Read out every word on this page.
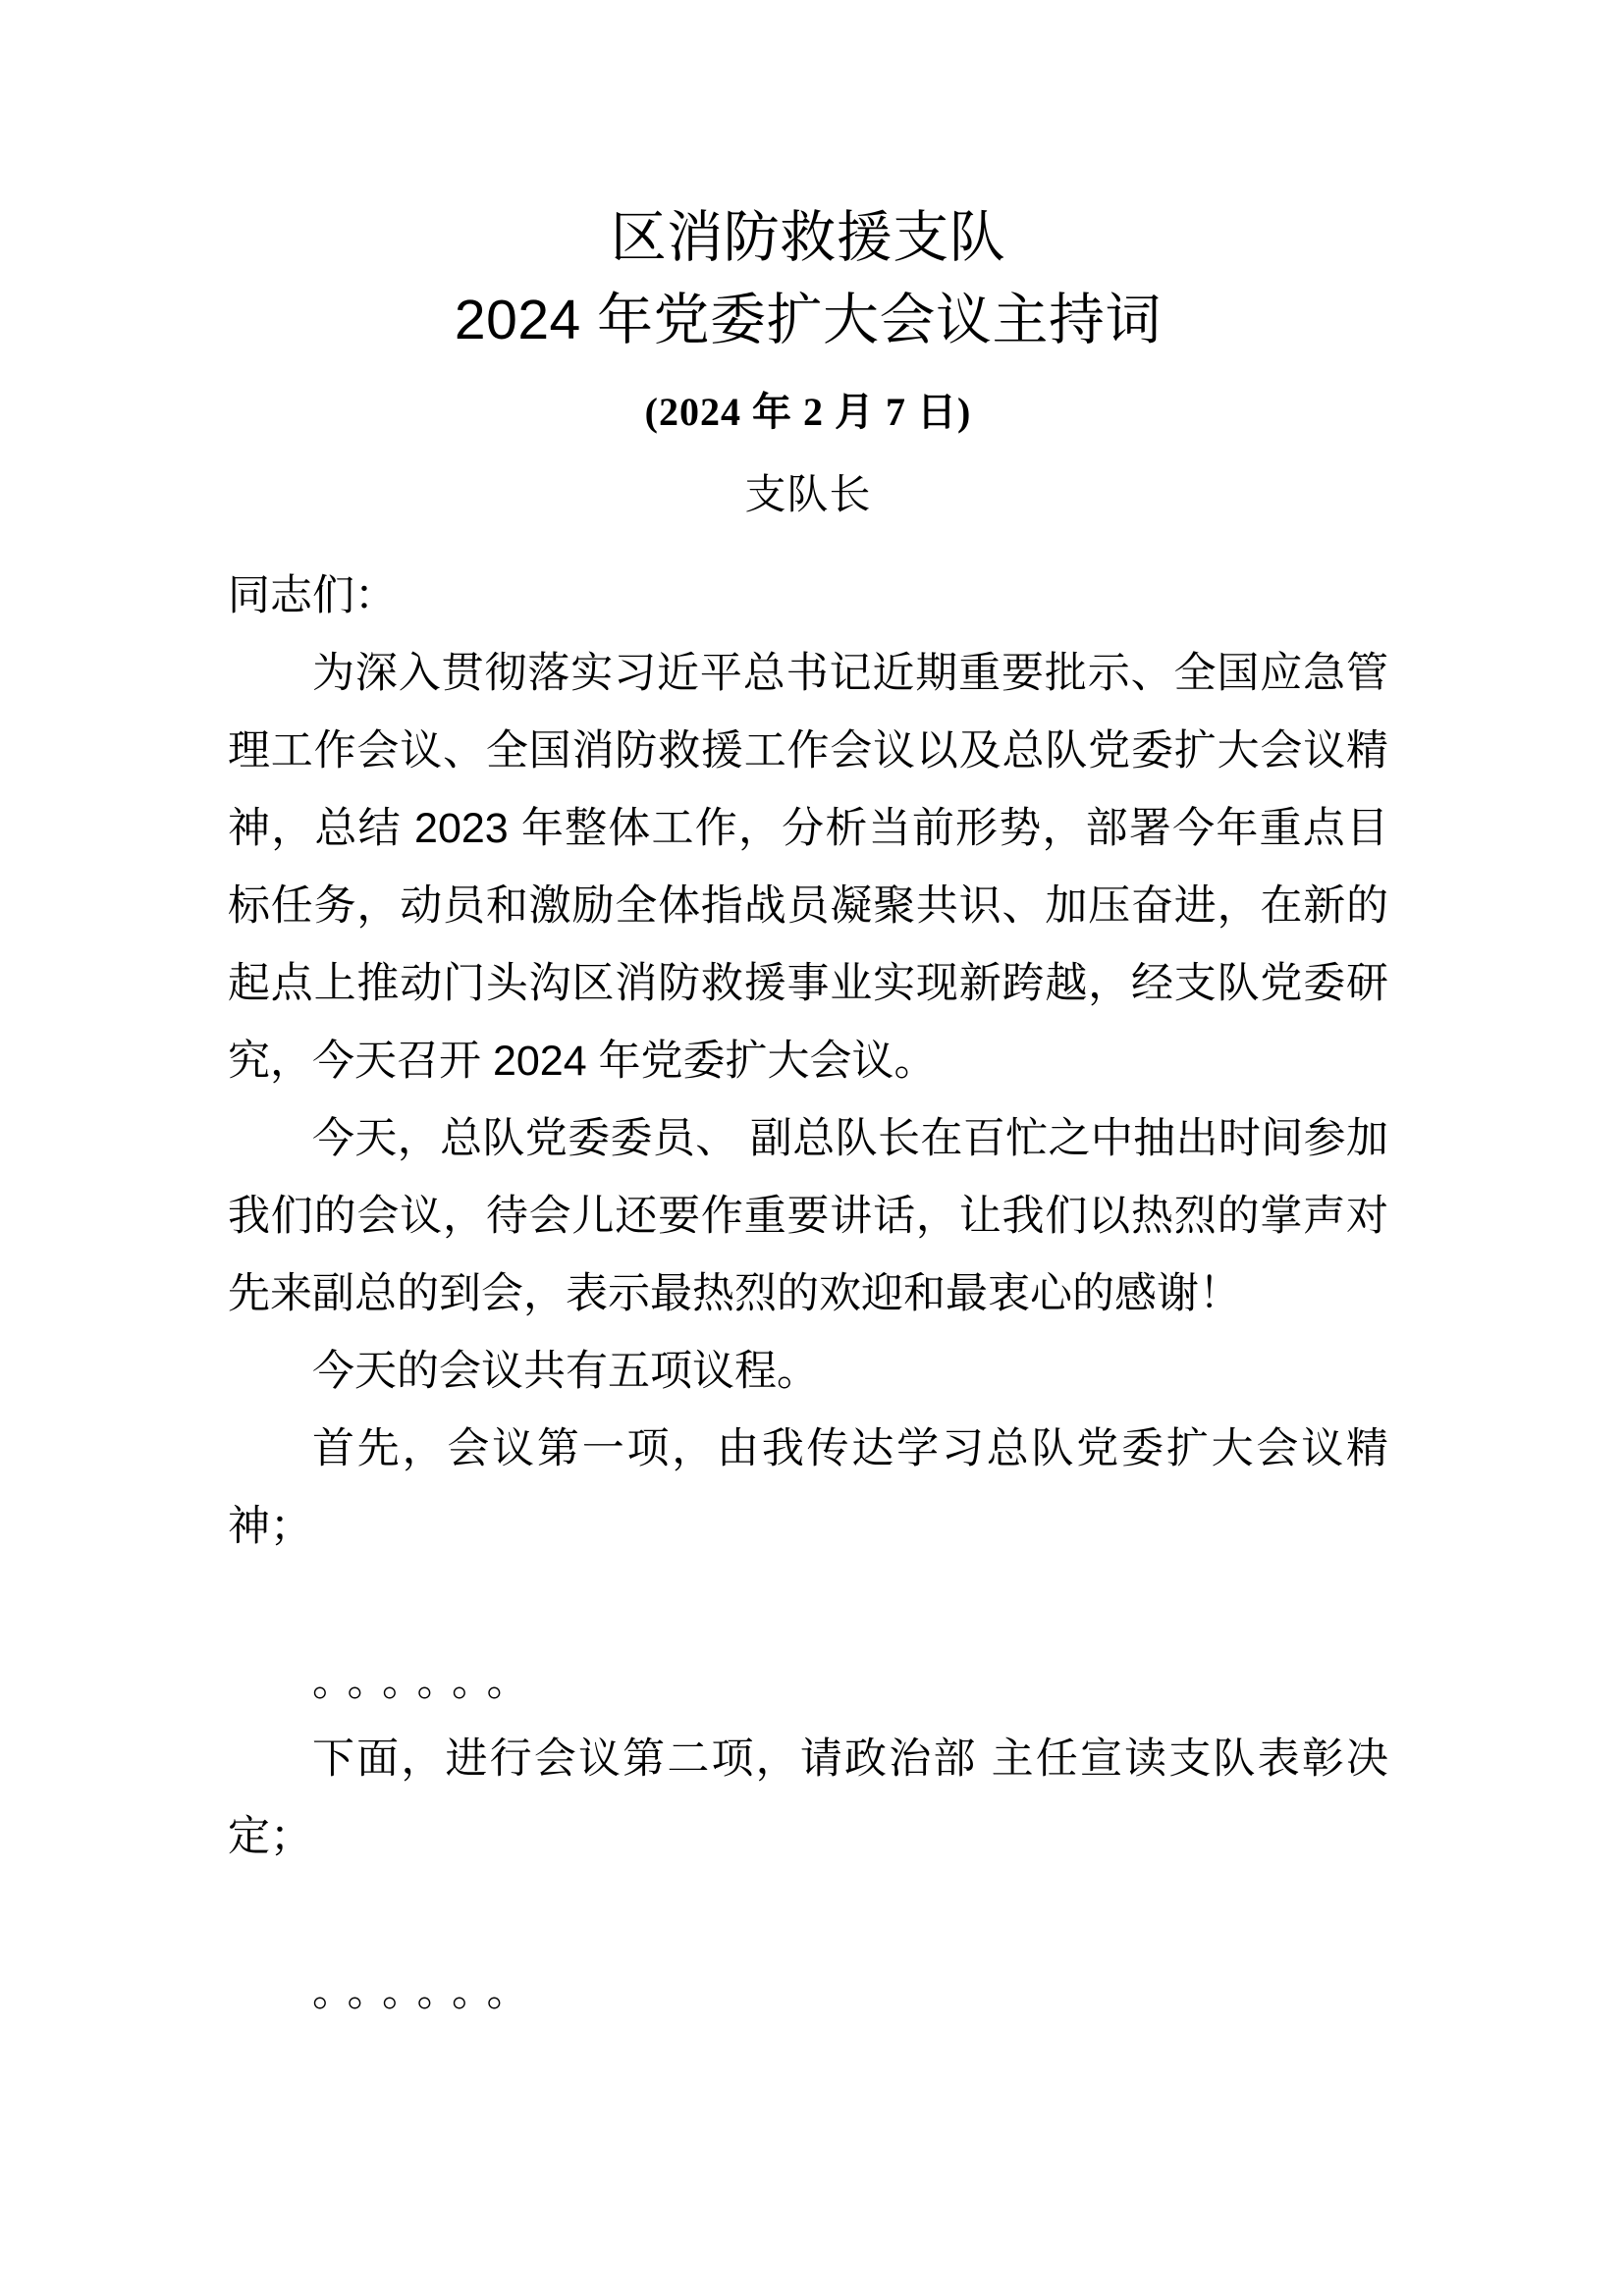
区消防救援支队
2024 年党委扩大会议主持词
(2024 年 2 月 7 日)
支队长

同志们：

为深入贯彻落实习近平总书记近期重要批示、全国应急管理工作会议、全国消防救援工作会议以及总队党委扩大会议精神，总结 2023 年整体工作，分析当前形势，部署今年重点目标任务，动员和激励全体指战员凝聚共识、加压奋进，在新的起点上推动门头沟区消防救援事业实现新跨越，经支队党委研究，今天召开 2024 年党委扩大会议。

今天，总队党委委员、 副总队长在百忙之中抽出时间参加我们的会议，待会儿还要作重要讲话，让我们以热烈的掌声对先来副总的到会，表示最热烈的欢迎和最衷心的感谢！

今天的会议共有五项议程。

首先，会议第一项，由我传达学习总队党委扩大会议精神；

。。。。。。

下面，进行会议第二项，请政治部 主任宣读支队表彰决定；

。。。。。。
